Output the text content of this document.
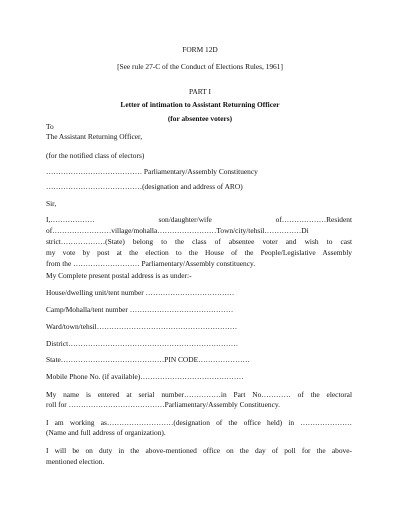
FORM 12D
[See rule 27-C of the Conduct of Elections Rules, 1961]
PART I
Letter of intimation to Assistant Returning Officer
(for absentee voters)
To
The Assistant Returning Officer,
(for the notified class of electors)
………………………………… Parliamentary/Assembly Constituency
…………………………………(designation and address of ARO)
Sir,
I,……………… son/daughter/wife of………………Resident
of……………………village/mohalla……………………Town/city/tehsil……………Di
strict………………(State) belong to the class of absentee voter and wish to cast
my vote by post at the election to the House of the People/Legislative Assembly
from the ……………………… Parliamentary/Assembly constituency.
My Complete present postal address is as under:-
House/dwelling unit/tent number ………………………………
Camp/Mohalla/tent number ……………………………………
Ward/town/tehsil…………………………………………………
District……………………………………………………………
State……………………………………PIN CODE…………………
Mobile Phone No. (if available)……………………………………
My name is entered at serial number……………in Part No………… of the electoral
roll for …………………………………Parliamentary/Assembly Constituency.
I am working as………………………(designation of the office held) in …………………
(Name and full address of organization).
I will be on duty in the above-mentioned office on the day of poll for the above-
mentioned election.
